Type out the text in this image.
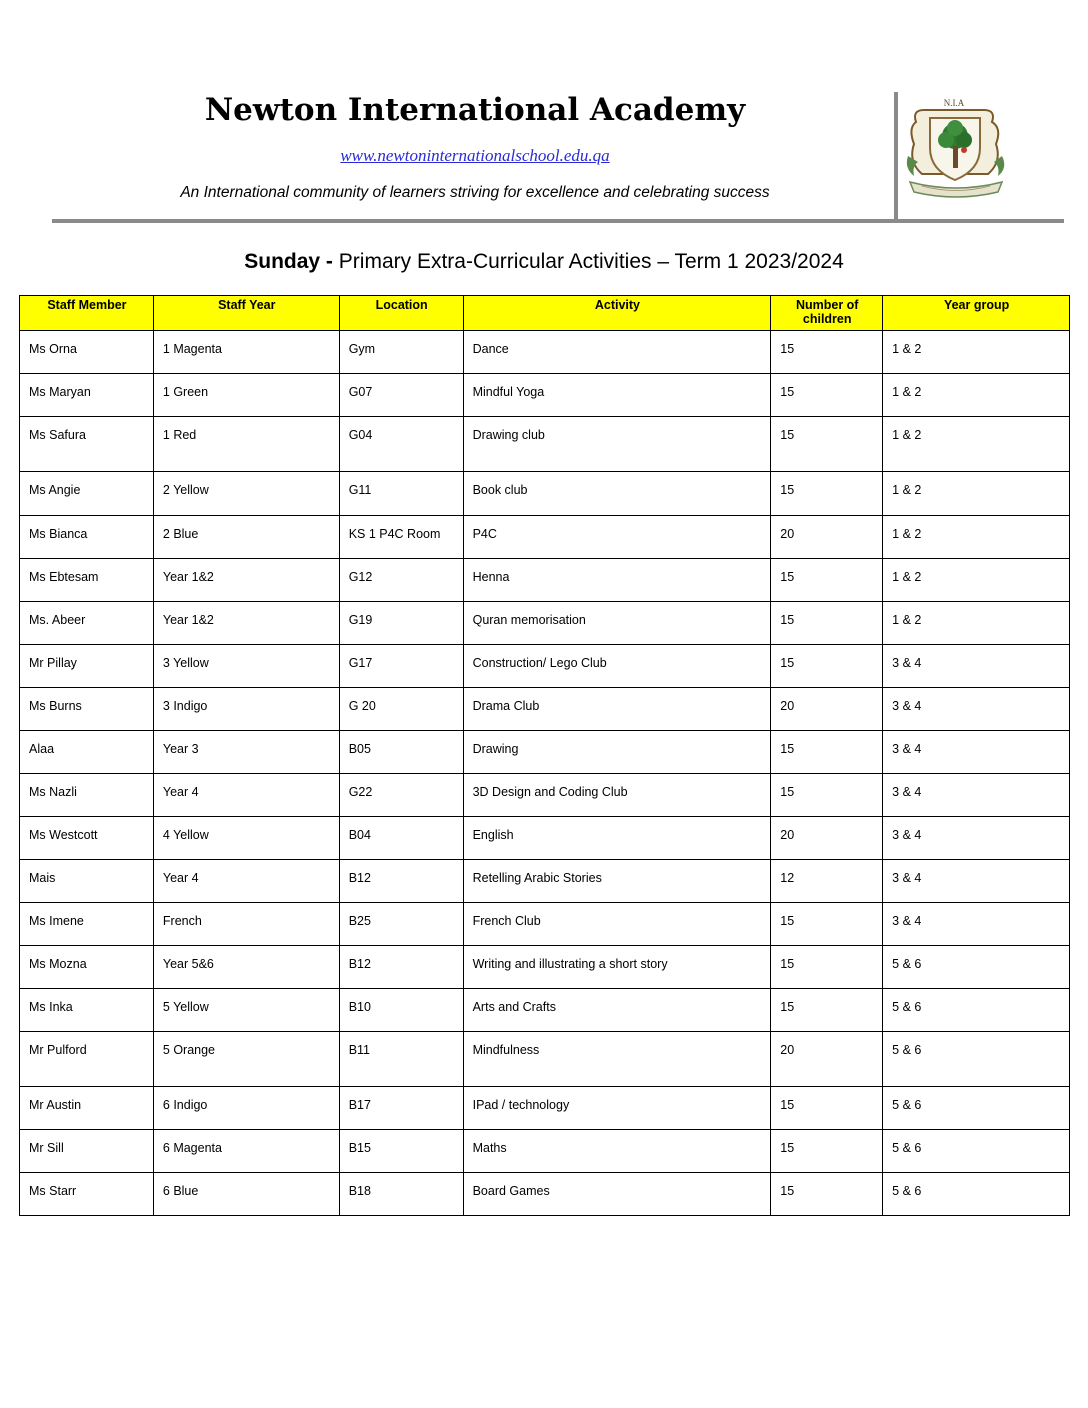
Newton International Academy
www.newtoninternationalschool.edu.qa
An International community of learners striving for excellence and celebrating success
N.I.A
Sunday - Primary Extra-Curricular Activities – Term 1 2023/2024
Staff Member	Staff Year	Location	Activity	Number of children	Year group
Ms Orna	1 Magenta	Gym	Dance	15	1 & 2
Ms Maryan	1 Green	G07	Mindful Yoga	15	1 & 2
Ms Safura	1 Red	G04	Drawing club	15	1 & 2
Ms Angie	2 Yellow	G11	Book club	15	1 & 2
Ms Bianca	2 Blue	KS 1 P4C Room	P4C	20	1 & 2
Ms Ebtesam	Year 1&2	G12	Henna	15	1 & 2
Ms. Abeer	Year 1&2	G19	Quran memorisation	15	1 & 2
Mr Pillay	3 Yellow	G17	Construction/ Lego Club	15	3 & 4
Ms Burns	3 Indigo	G 20	Drama Club	20	3 & 4
Alaa	Year 3	B05	Drawing	15	3 & 4
Ms Nazli	Year 4	G22	3D Design and Coding Club	15	3 & 4
Ms Westcott	4 Yellow	B04	English	20	3 & 4
Mais	Year 4	B12	Retelling Arabic Stories	12	3 & 4
Ms Imene	French	B25	French Club	15	3 & 4
Ms Mozna	Year 5&6	B12	Writing and illustrating a short story	15	5 & 6
Ms Inka	5 Yellow	B10	Arts and Crafts	15	5 & 6
Mr Pulford	5 Orange	B11	Mindfulness	20	5 & 6
Mr Austin	6 Indigo	B17	IPad / technology	15	5 & 6
Mr Sill	6 Magenta	B15	Maths	15	5 & 6
Ms Starr	6 Blue	B18	Board Games	15	5 & 6
